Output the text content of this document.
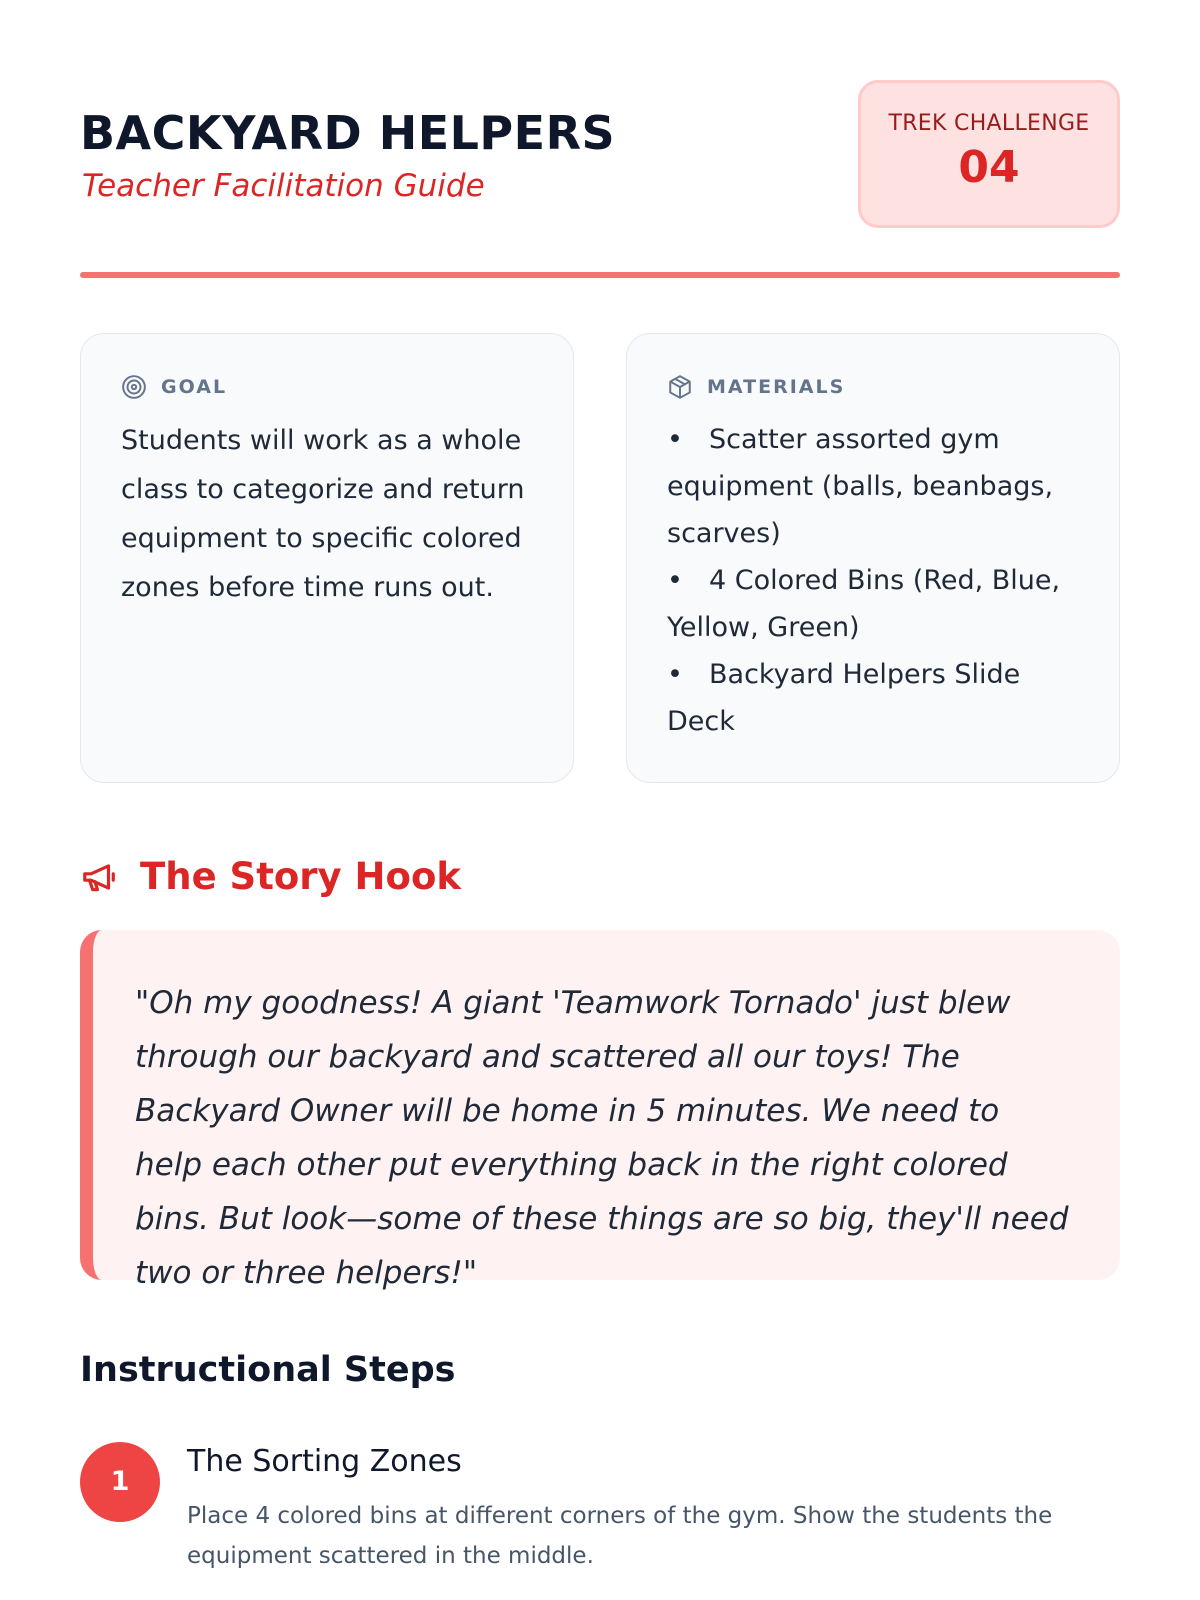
BACKYARD HELPERS
Teacher Facilitation Guide
TREK CHALLENGE
04
GOAL
Students will work as a whole class to categorize and return equipment to specific colored zones before time runs out.
MATERIALS
• Scatter assorted gym equipment (balls, beanbags, scarves)
• 4 Colored Bins (Red, Blue, Yellow, Green)
• Backyard Helpers Slide Deck
The Story Hook
"Oh my goodness! A giant 'Teamwork Tornado' just blew through our backyard and scattered all our toys! The Backyard Owner will be home in 5 minutes. We need to help each other put everything back in the right colored bins. But look—some of these things are so big, they'll need two or three helpers!"
Instructional Steps
1
The Sorting Zones
Place 4 colored bins at different corners of the gym. Show the students the equipment scattered in the middle.
